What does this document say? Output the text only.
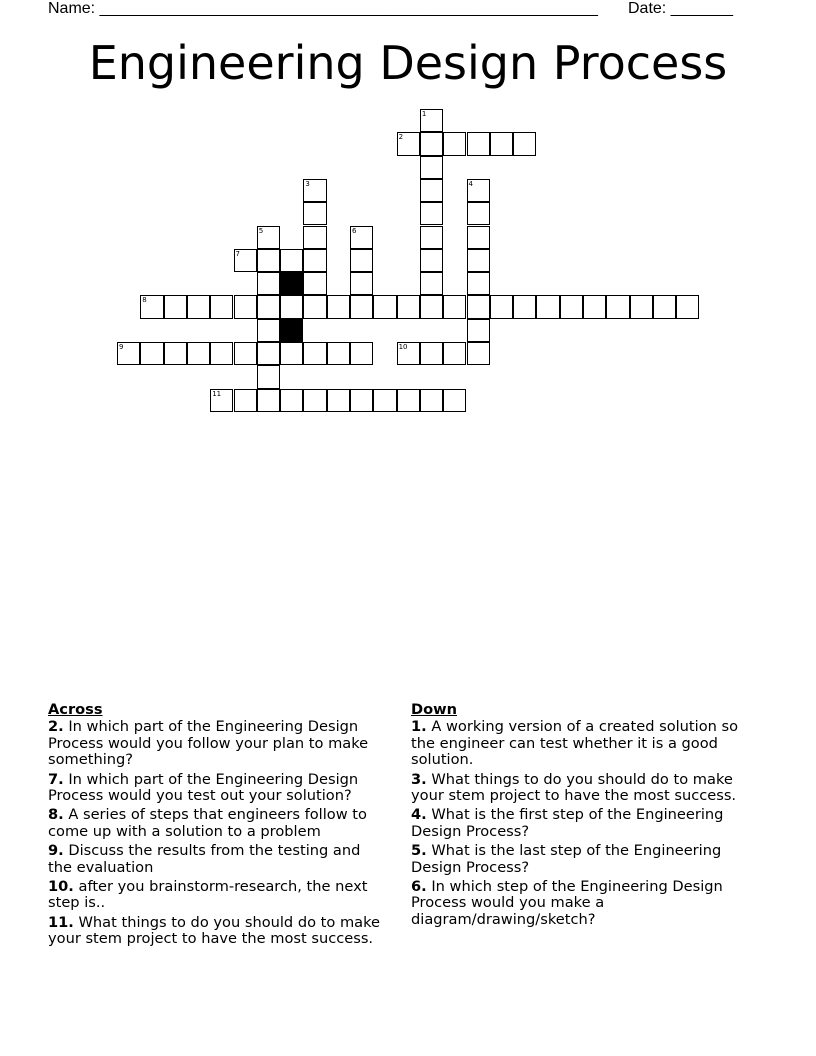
Name: ________________________________________________________ Date: _______
Engineering Design Process
1
2
3	4
5	6
7
8
9	10
11
Across
2. In which part of the Engineering Design Process would you follow your plan to make something?
7. In which part of the Engineering Design Process would you test out your solution?
8. A series of steps that engineers follow to come up with a solution to a problem
9. Discuss the results from the testing and the evaluation
10. after you brainstorm-research, the next step is..
11. What things to do you should do to make your stem project to have the most success.
Down
1. A working version of a created solution so the engineer can test whether it is a good solution.
3. What things to do you should do to make your stem project to have the most success.
4. What is the first step of the Engineering Design Process?
5. What is the last step of the Engineering Design Process?
6. In which step of the Engineering Design Process would you make a diagram/drawing/sketch?
